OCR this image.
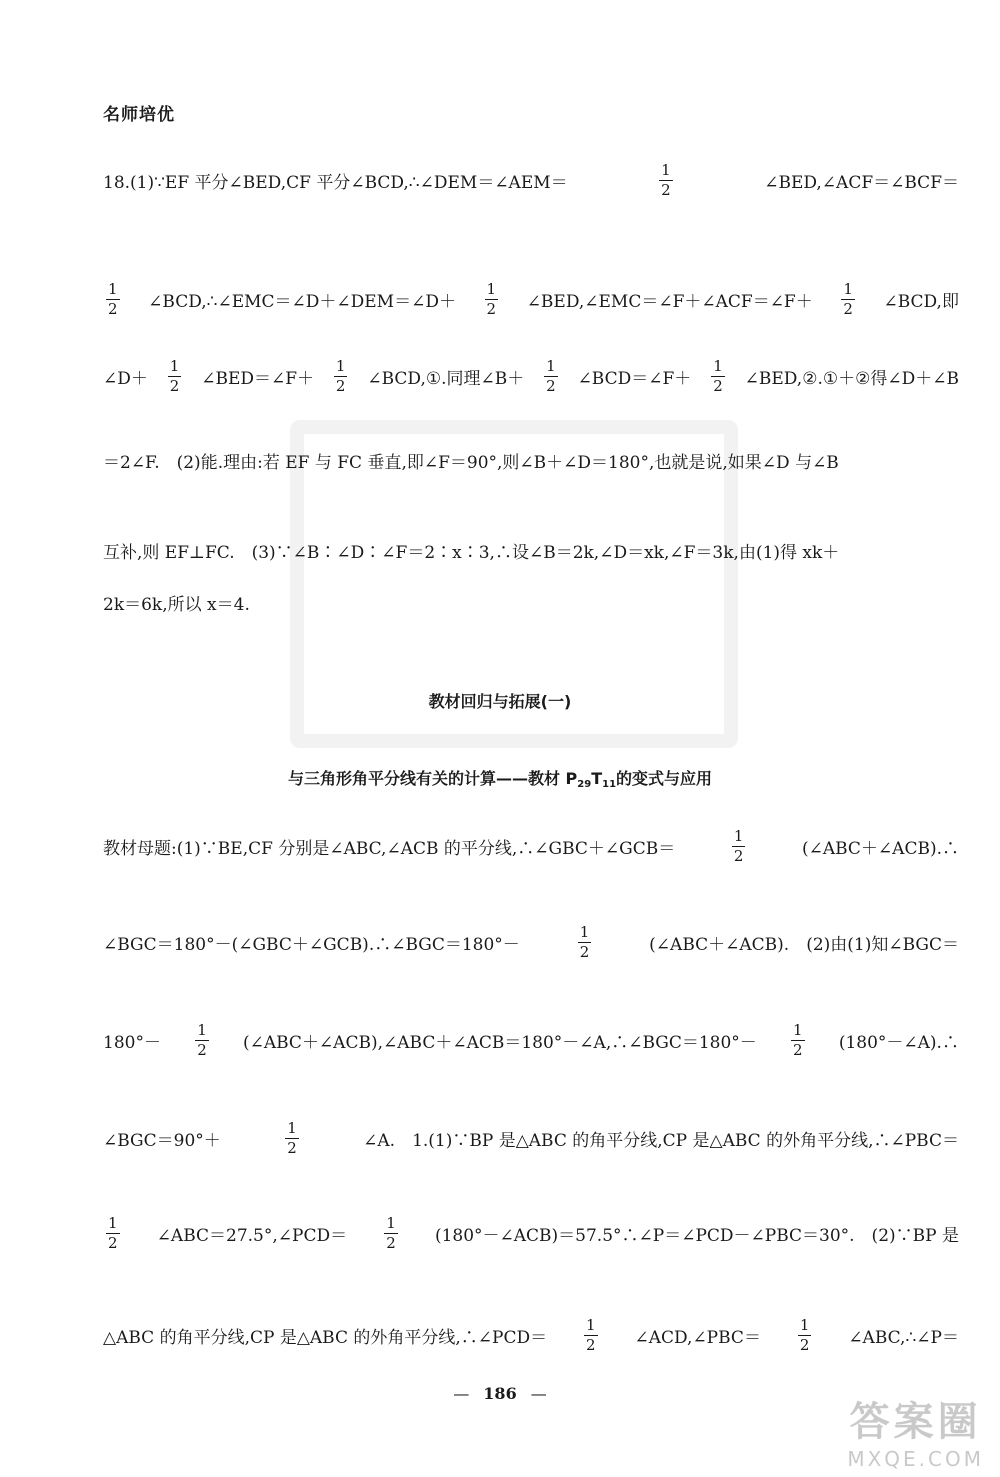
名师培优
18.(1)∵EF 平分∠BED,CF 平分∠BCD,∴∠DEM＝∠AEM＝	$\frac{1}{2}$	∠BED,∠ACF＝∠BCF＝
$\frac{1}{2}$ ∠BCD,∴∠EMC＝∠D＋∠DEM＝∠D＋ $\frac{1}{2}$ ∠BED,∠EMC＝∠F＋∠ACF＝∠F＋ $\frac{1}{2}$ ∠BCD,即
∠D＋ $\frac{1}{2}$ ∠BED＝∠F＋ $\frac{1}{2}$ ∠BCD,①.同理∠B＋ $\frac{1}{2}$ ∠BCD＝∠F＋ $\frac{1}{2}$ ∠BED,②.①＋②得∠D＋∠B
＝2∠F.　(2)能.理由:若 EF 与 FC 垂直,即∠F＝90°,则∠B＋∠D＝180°,也就是说,如果∠D 与∠B
互补,则 EF⊥FC.　(3)∵∠B∶∠D∶∠F＝2∶x∶3,∴设∠B＝2k,∠D＝xk,∠F＝3k,由(1)得 xk＋
2k＝6k,所以 x＝4.
教材母题:(1)∵BE,CF 分别是∠ABC,∠ACB 的平分线,∴∠GBC＋∠GCB＝	$\frac{1}{2}$	(∠ABC＋∠ACB).∴
∠BGC＝180°－(∠GBC＋∠GCB).∴∠BGC＝180°－	$\frac{1}{2}$	(∠ABC＋∠ACB).　(2)由(1)知∠BGC＝
$180^\circ- \frac{1}{2}$ (∠ABC＋∠ACB),∠ABC＋∠ACB＝180°－∠A,∴∠BGC＝180°－ $\frac{1}{2}$ (180°－∠A).∴
∠BGC＝90°＋	$\frac{1}{2}$	∠A.　1.(1)∵BP 是△ABC 的角平分线,CP 是△ABC 的外角平分线,∴∠PBC＝
$\frac{1}{2}$ ∠ABC＝27.5°,∠PCD＝ $\frac{1}{2}$ (180°－∠ACB)＝57.5°∴∠P＝∠PCD－∠PBC＝30°.　(2)∵BP 是
△ABC 的角平分线,CP 是△ABC 的外角平分线,∴∠PCD＝ $\frac{1}{2}$ ∠ACD,∠PBC＝ $\frac{1}{2}$ ∠ABC,∴∠P＝
教材回归与拓展(一)
与三角形角平分线有关的计算——教材 $P_{29}T_{11}$的变式与应用
— 186 —
答案圈
MXQE.COM
